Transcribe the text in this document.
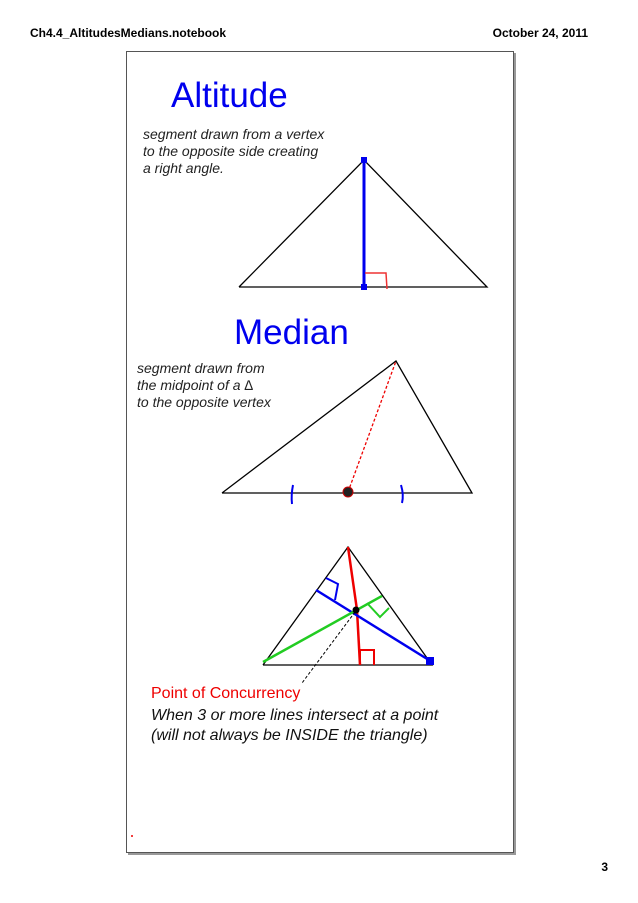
Ch4.4_AltitudesMedians.notebook	October 24, 2011
Altitude
segment drawn from a vertex
to the opposite side creating
a right angle.
Median
segment drawn from
the midpoint of a ∆
to the opposite vertex
Point of Concurrency
When 3 or more lines intersect at a point
(will not always be INSIDE the triangle)
3
